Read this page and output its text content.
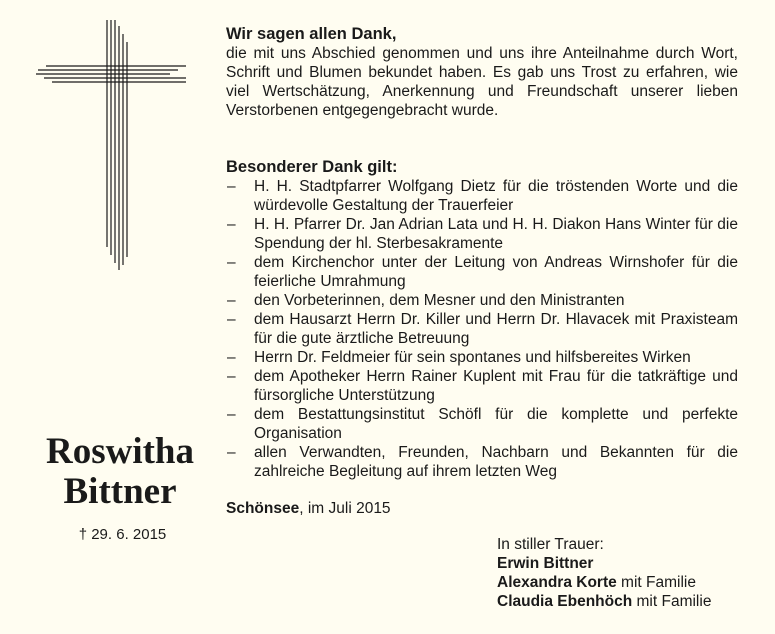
Roswitha
Bittner
† 29. 6. 2015
Wir sagen allen Dank,
die mit uns Abschied genommen und uns ihre Anteilnahme durch Wort, Schrift und Blumen bekundet haben. Es gab uns Trost zu erfahren, wie viel Wertschätzung, Anerkennung und Freundschaft unserer lieben Verstorbenen entgegengebracht wurde.
Besonderer Dank gilt:
– H. H. Stadtpfarrer Wolfgang Dietz für die tröstenden Worte und die würdevolle Gestaltung der Trauerfeier
– H. H. Pfarrer Dr. Jan Adrian Lata und H. H. Diakon Hans Winter für die Spendung der hl. Sterbesakramente
– dem Kirchenchor unter der Leitung von Andreas Wirnshofer für die feierliche Umrahmung
– den Vorbeterinnen, dem Mesner und den Ministranten
– dem Hausarzt Herrn Dr. Killer und Herrn Dr. Hlavacek mit Praxisteam für die gute ärztliche Betreuung
– Herrn Dr. Feldmeier für sein spontanes und hilfsbereites Wirken
– dem Apotheker Herrn Rainer Kuplent mit Frau für die tatkräftige und fürsorgliche Unterstützung
– dem Bestattungsinstitut Schöfl für die komplette und perfekte Organisation
– allen Verwandten, Freunden, Nachbarn und Bekannten für die zahlreiche Begleitung auf ihrem letzten Weg
Schönsee, im Juli 2015
In stiller Trauer:
Erwin Bittner
Alexandra Korte mit Familie
Claudia Ebenhöch mit Familie
